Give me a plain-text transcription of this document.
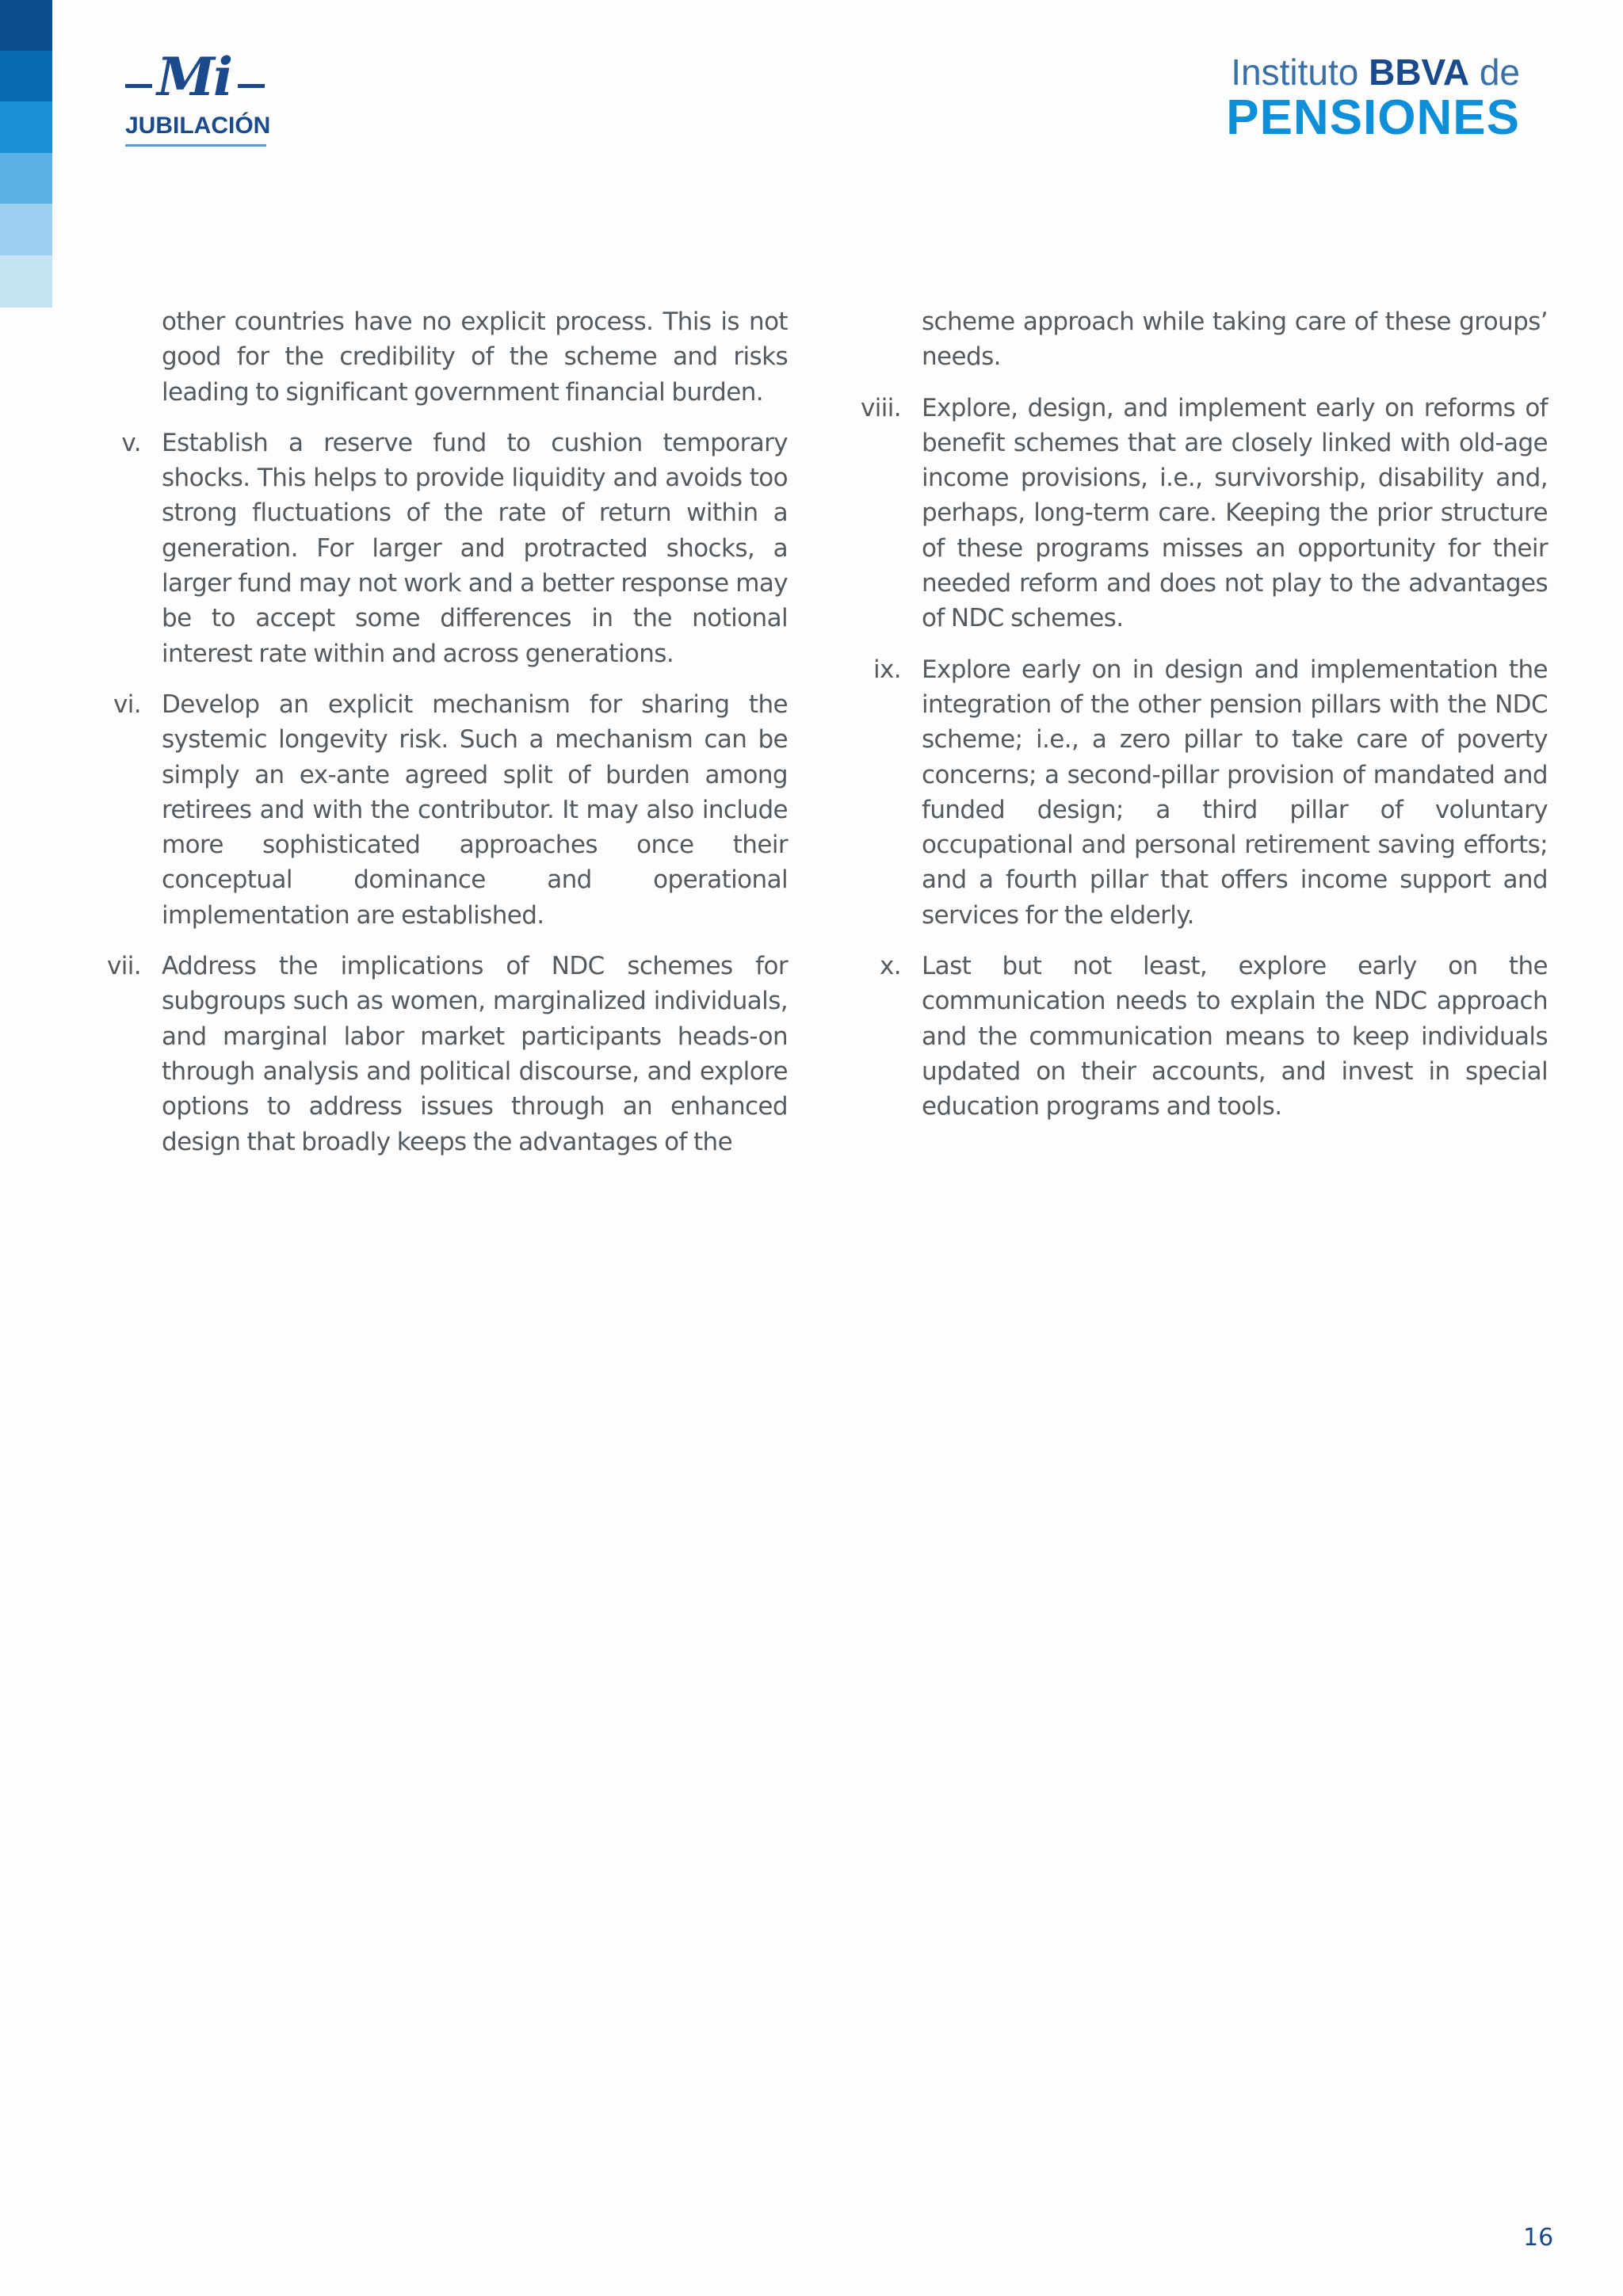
Mi
JUBILACIÓN
Instituto BBVA de
PENSIONES

other countries have no explicit process. This is not good for the credibility of the scheme and risks leading to significant government financial burden.

v. Establish a reserve fund to cushion temporary shocks. This helps to provide liquidity and avoids too strong fluctuations of the rate of return within a generation. For larger and protracted shocks, a larger fund may not work and a better response may be to accept some differences in the notional interest rate within and across generations.

vi. Develop an explicit mechanism for sharing the systemic longevity risk. Such a mechanism can be simply an ex-ante agreed split of burden among retirees and with the contributor. It may also include more sophisticated approaches once their conceptual dominance and operational implementation are established.

vii. Address the implications of NDC schemes for subgroups such as women, marginalized individuals, and marginal labor market participants heads-on through analysis and political discourse, and explore options to address issues through an enhanced design that broadly keeps the advantages of the

scheme approach while taking care of these groups’ needs.

viii. Explore, design, and implement early on reforms of benefit schemes that are closely linked with old-age income provisions, i.e., survivorship, disability and, perhaps, long-term care. Keeping the prior structure of these programs misses an opportunity for their needed reform and does not play to the advantages of NDC schemes.

ix. Explore early on in design and implementation the integration of the other pension pillars with the NDC scheme; i.e., a zero pillar to take care of poverty concerns; a second-pillar provision of mandated and funded design; a third pillar of voluntary occupational and personal retirement saving efforts; and a fourth pillar that offers income support and services for the elderly.

x. Last but not least, explore early on the communication needs to explain the NDC approach and the communication means to keep individuals updated on their accounts, and invest in special education programs and tools.

16
